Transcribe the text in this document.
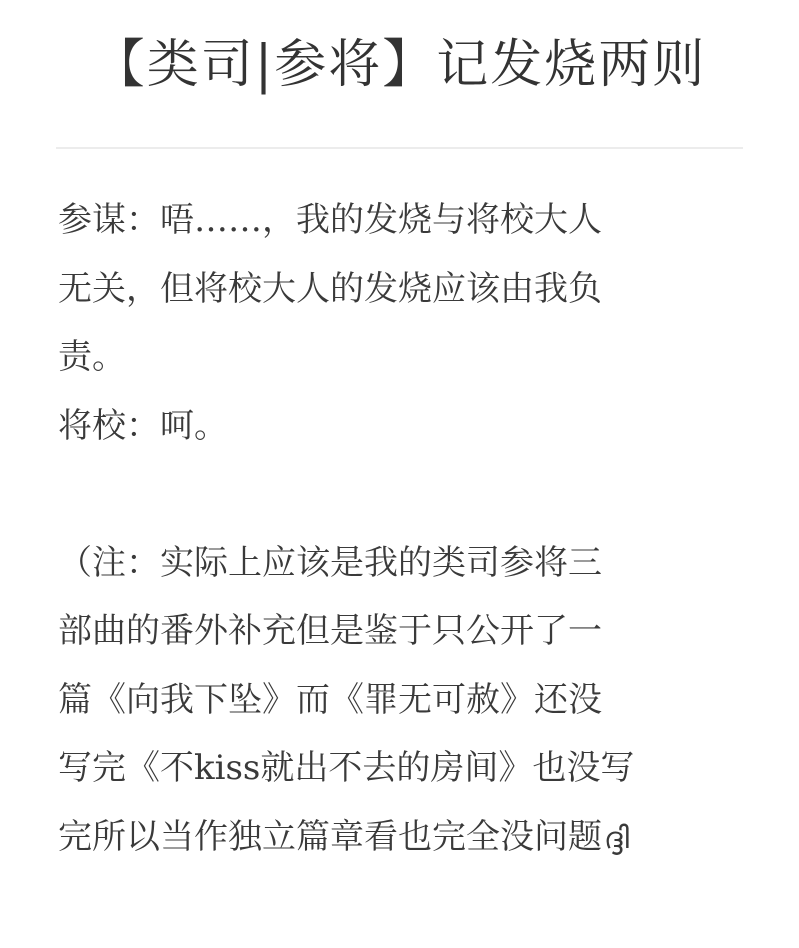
【类司|参将】记发烧两则
参谋：唔……，我的发烧与将校大人
无关，但将校大人的发烧应该由我负
责。
将校：呵。
（注：实际上应该是我的类司参将三
部曲的番外补充但是鉴于只公开了一
篇《向我下坠》而《罪无可赦》还没
写完《不kiss就出不去的房间》也没写
完所以当作独立篇章看也完全没问题ദ്ദി
